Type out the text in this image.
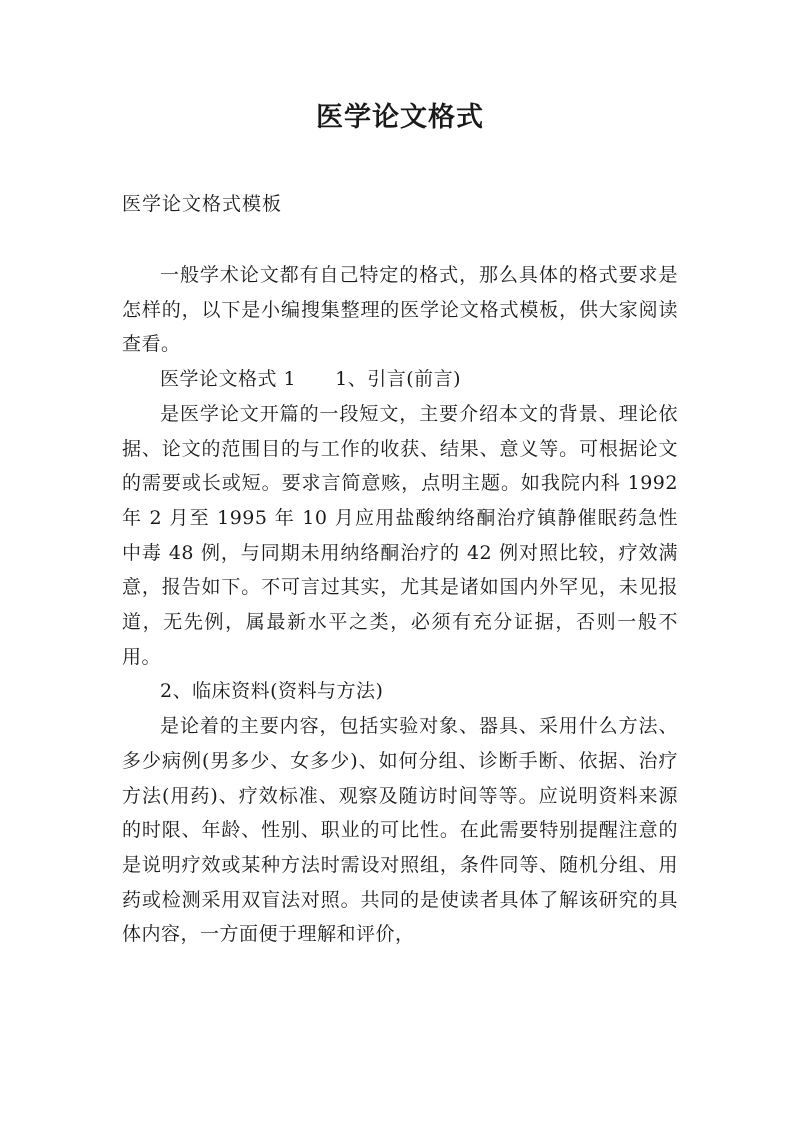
医学论文格式

医学论文格式模板

一般学术论文都有自己特定的格式，那么具体的格式要求是怎样的，以下是小编搜集整理的医学论文格式模板，供大家阅读查看。

医学论文格式 1　　1、引言(前言)

是医学论文开篇的一段短文，主要介绍本文的背景、理论依据、论文的范围目的与工作的收获、结果、意义等。可根据论文的需要或长或短。要求言简意赅，点明主题。如我院内科 1992 年 2 月至 1995 年 10 月应用盐酸纳络酮治疗镇静催眠药急性中毒 48 例，与同期未用纳络酮治疗的 42 例对照比较，疗效满意，报告如下。不可言过其实，尤其是诸如国内外罕见，未见报道，无先例，属最新水平之类，必须有充分证据，否则一般不用。

2、临床资料(资料与方法)

是论着的主要内容，包括实验对象、器具、采用什么方法、多少病例(男多少、女多少)、如何分组、诊断手断、依据、治疗方法(用药)、疗效标准、观察及随访时间等等。应说明资料来源的时限、年龄、性别、职业的可比性。在此需要特别提醒注意的是说明疗效或某种方法时需设对照组，条件同等、随机分组、用药或检测采用双盲法对照。共同的是使读者具体了解该研究的具体内容，一方面便于理解和评价，
